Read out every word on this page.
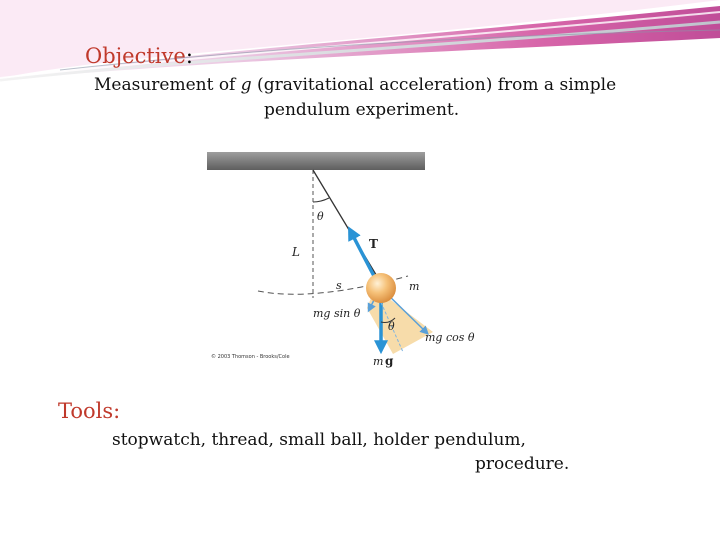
Objective:
Measurement of g (gravitational acceleration) from a simple
pendulum experiment.
θ
L
T
s	m
mg sin θ
θ
mg cos θ
m g
© 2003 Thomson - Brooks/Cole
Tools:
stopwatch, thread, small ball, holder pendulum,
procedure.
